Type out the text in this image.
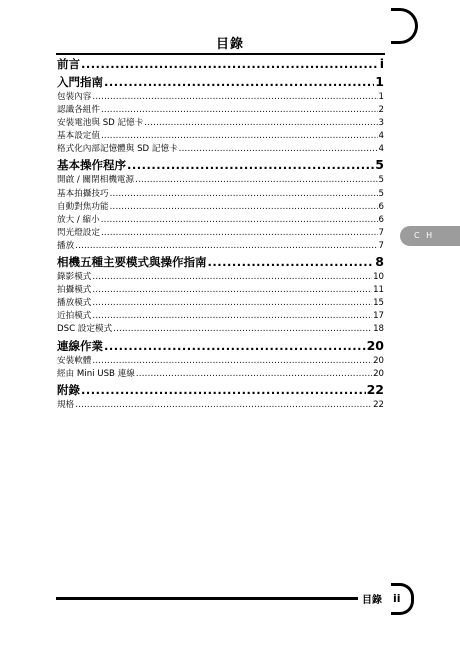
目錄
前言 .....	i
入門指南 .....	1
包裝內容 .....	1
認識各組件 .....	2
安裝電池與 SD 記憶卡 .....	3
基本設定值 .....	4
格式化內部記憶體與 SD 記憶卡 .....	4
基本操作程序 .....	5
開啟 / 關閉相機電源 .....	5
基本拍攝技巧 .....	5
自動對焦功能 .....	6
放大 / 縮小 .....	6
閃光燈設定 .....	7
播放 .....	7
相機五種主要模式與操作指南 .....	8
錄影模式 .....	10
拍攝模式 .....	11
播放模式 .....	15
近拍模式 .....	17
DSC 設定模式 .....	18
連線作業 .....	20
安裝軟體 .....	20
經由 Mini USB 連線 .....	20
附錄 .....	22
規格 .....	22
C H
目錄 ii
